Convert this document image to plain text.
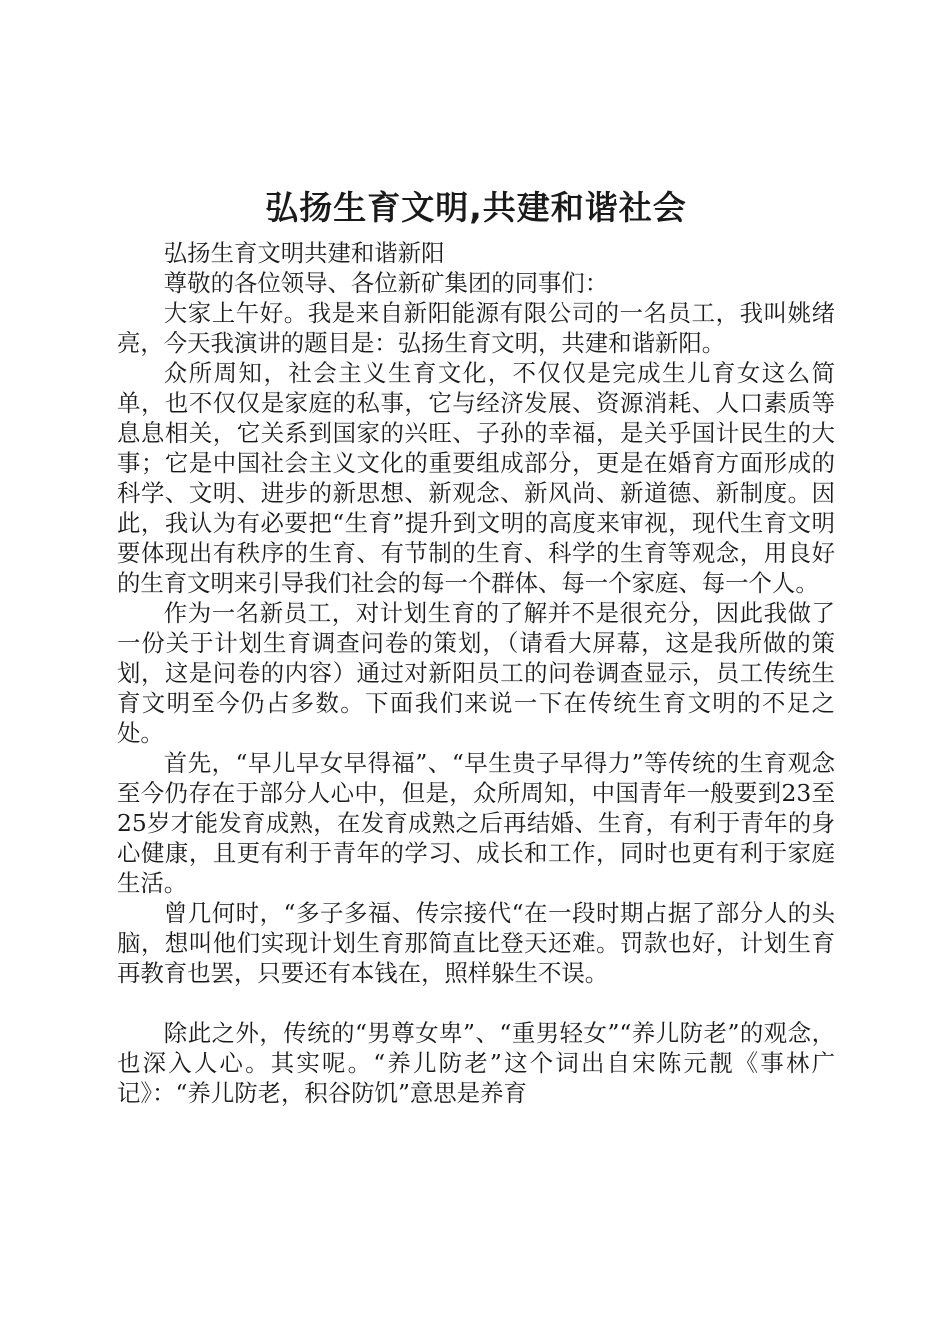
弘扬生育文明,共建和谐社会

弘扬生育文明共建和谐新阳

尊敬的各位领导、各位新矿集团的同事们：

大家上午好。我是来自新阳能源有限公司的一名员工，我叫姚绪亮，今天我演讲的题目是：弘扬生育文明，共建和谐新阳。

众所周知，社会主义生育文化，不仅仅是完成生儿育女这么简单，也不仅仅是家庭的私事，它与经济发展、资源消耗、人口素质等息息相关，它关系到国家的兴旺、子孙的幸福，是关乎国计民生的大事；它是中国社会主义文化的重要组成部分，更是在婚育方面形成的科学、文明、进步的新思想、新观念、新风尚、新道德、新制度。因此，我认为有必要把“生育”提升到文明的高度来审视，现代生育文明要体现出有秩序的生育、有节制的生育、科学的生育等观念，用良好的生育文明来引导我们社会的每一个群体、每一个家庭、每一个人。

作为一名新员工，对计划生育的了解并不是很充分，因此我做了一份关于计划生育调查问卷的策划，（请看大屏幕，这是我所做的策划，这是问卷的内容）通过对新阳员工的问卷调查显示，员工传统生育文明至今仍占多数。下面我们来说一下在传统生育文明的不足之处。

首先，“早儿早女早得福”、“早生贵子早得力”等传统的生育观念至今仍存在于部分人心中，但是，众所周知，中国青年一般要到23至25岁才能发育成熟，在发育成熟之后再结婚、生育，有利于青年的身心健康，且更有利于青年的学习、成长和工作，同时也更有利于家庭生活。

曾几何时，“多子多福、传宗接代“在一段时期占据了部分人的头脑，想叫他们实现计划生育那简直比登天还难。罚款也好，计划生育再教育也罢，只要还有本钱在，照样躲生不误。

除此之外，传统的“男尊女卑”、“重男轻女”“养儿防老”的观念，也深入人心。其实呢。“养儿防老”这个词出自宋陈元靓《事林广记》：“养儿防老，积谷防饥”意思是养育
